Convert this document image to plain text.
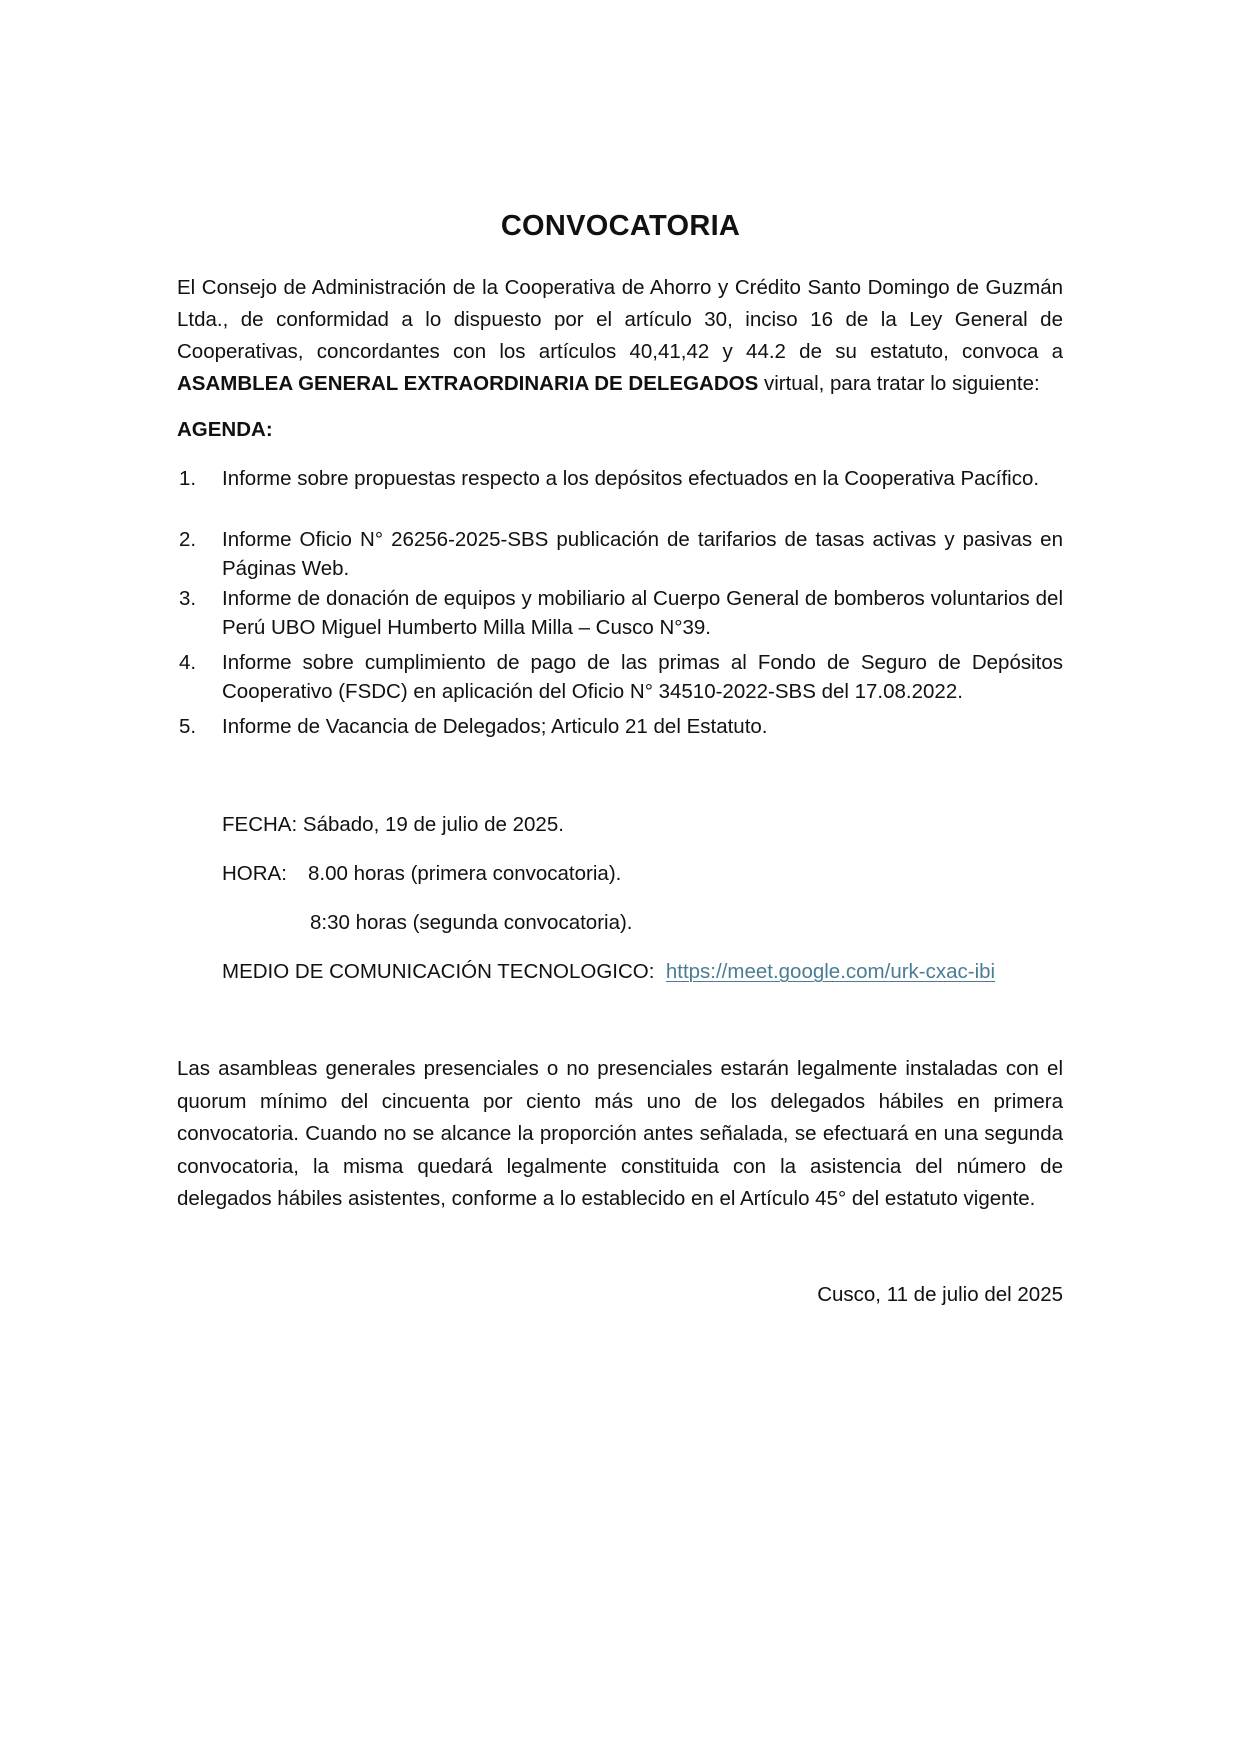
CONVOCATORIA
El Consejo de Administración de la Cooperativa de Ahorro y Crédito Santo Domingo de Guzmán Ltda., de conformidad a lo dispuesto por el artículo 30, inciso 16 de la Ley General de Cooperativas, concordantes con los artículos 40,41,42 y 44.2 de su estatuto, convoca a ASAMBLEA GENERAL EXTRAORDINARIA DE DELEGADOS virtual, para tratar lo siguiente:
AGENDA:
1.	Informe sobre propuestas respecto a los depósitos efectuados en la Cooperativa Pacífico.
2.	Informe Oficio N° 26256-2025-SBS publicación de tarifarios de tasas activas y pasivas en Páginas Web.
3.	Informe de donación de equipos y mobiliario al Cuerpo General de bomberos voluntarios del Perú UBO Miguel Humberto Milla Milla – Cusco N°39.
4.	Informe sobre cumplimiento de pago de las primas al Fondo de Seguro de Depósitos Cooperativo (FSDC) en aplicación del Oficio N° 34510-2022-SBS del 17.08.2022.
5.	Informe de Vacancia de Delegados; Articulo 21 del Estatuto.
FECHA: Sábado, 19 de julio de 2025.
HORA: 8.00 horas (primera convocatoria).
8:30 horas (segunda convocatoria).
MEDIO DE COMUNICACIÓN TECNOLOGICO: https://meet.google.com/urk-cxac-ibi
Las asambleas generales presenciales o no presenciales estarán legalmente instaladas con el quorum mínimo del cincuenta por ciento más uno de los delegados hábiles en primera convocatoria. Cuando no se alcance la proporción antes señalada, se efectuará en una segunda convocatoria, la misma quedará legalmente constituida con la asistencia del número de delegados hábiles asistentes, conforme a lo establecido en el Artículo 45° del estatuto vigente.
Cusco, 11 de julio del 2025
